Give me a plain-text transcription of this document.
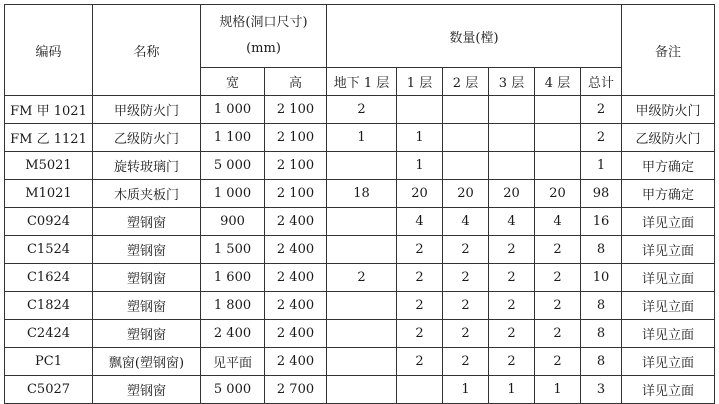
编码	名称	规格(洞口尺寸)
(mm)		数量(樘)						备注
		宽	高	地下 1 层	1 层	2 层	3 层	4 层	总计	
FM 甲 1021	甲级防火门	1 000	2 100	2					2	甲级防火门
FM 乙 1121	乙级防火门	1 100	2 100	1	1				2	乙级防火门
M5021	旋转玻璃门	5 000	2 100		1				1	甲方确定
M1021	木质夹板门	1 000	2 100	18	20	20	20	20	98	甲方确定
C0924	塑钢窗	900	2 400		4	4	4	4	16	详见立面
C1524	塑钢窗	1 500	2 400		2	2	2	2	8	详见立面
C1624	塑钢窗	1 600	2 400	2	2	2	2	2	10	详见立面
C1824	塑钢窗	1 800	2 400		2	2	2	2	8	详见立面
C2424	塑钢窗	2 400	2 400		2	2	2	2	8	详见立面
PC1	飘窗(塑钢窗)	见平面	2 400		2	2	2	2	8	详见立面
C5027	塑钢窗	5 000	2 700			1	1	1	3	详见立面
